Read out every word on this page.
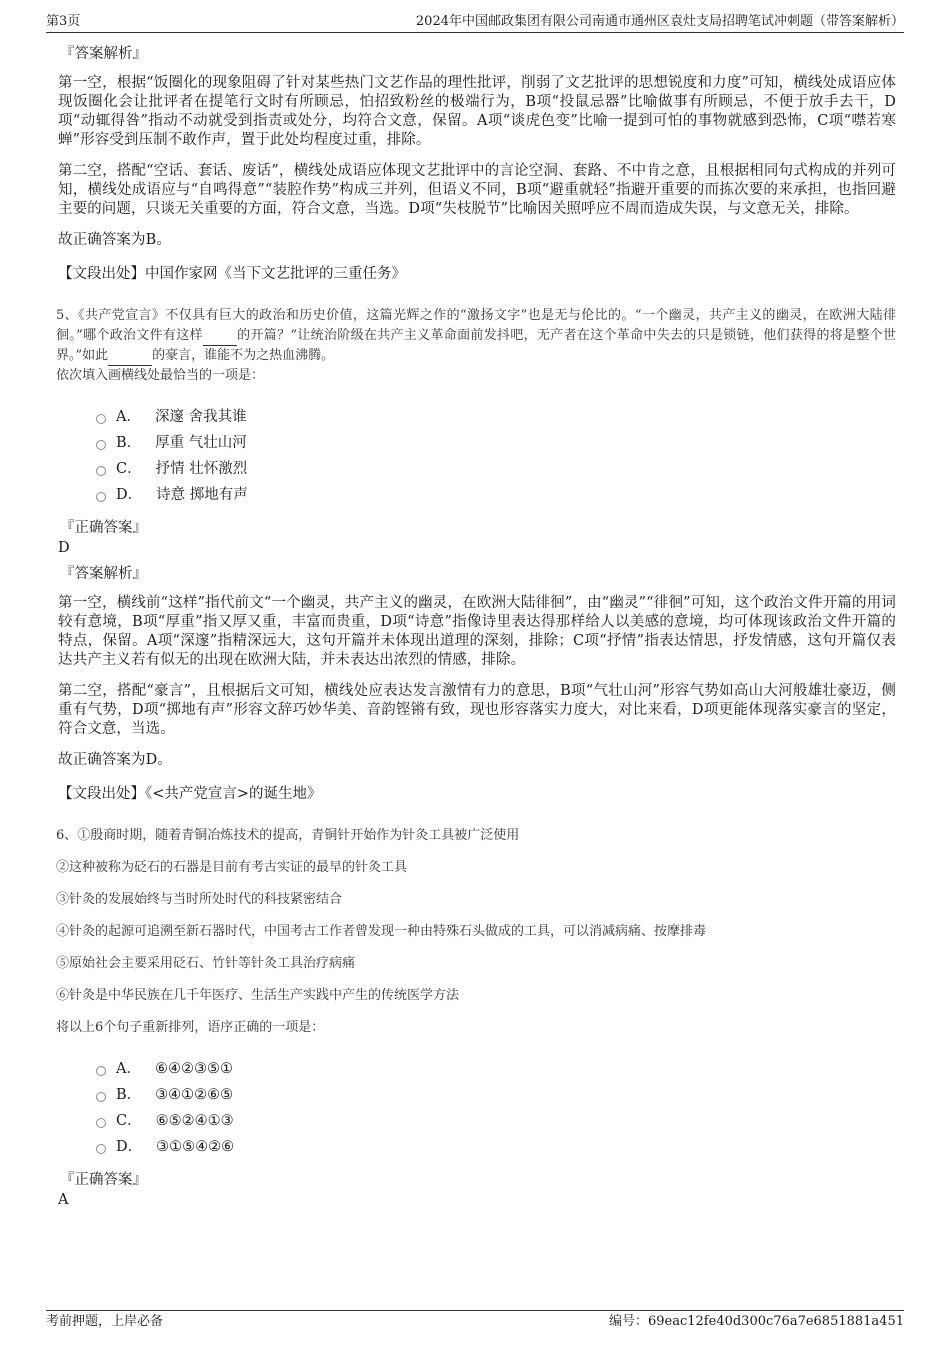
第3页	2024年中国邮政集团有限公司南通市通州区袁灶支局招聘笔试冲刺题（带答案解析）
『答案解析』

第一空，根据“饭圈化的现象阻碍了针对某些热门文艺作品的理性批评，削弱了文艺批评的思想锐度和力度”可知，横线处成语应体现饭圈化会让批评者在提笔行文时有所顾忌，怕招致粉丝的极端行为，B项“投鼠忌器”比喻做事有所顾忌，不便于放手去干，D项“动辄得咎”指动不动就受到指责或处分，均符合文意，保留。A项“谈虎色变”比喻一提到可怕的事物就感到恐怖，C项“噤若寒蝉”形容受到压制不敢作声，置于此处均程度过重，排除。

第二空，搭配“空话、套话、废话”，横线处成语应体现文艺批评中的言论空洞、套路、不中肯之意，且根据相同句式构成的并列可知，横线处成语应与“自鸣得意”“装腔作势”构成三并列，但语义不同，B项“避重就轻”指避开重要的而拣次要的来承担，也指回避主要的问题，只谈无关重要的方面，符合文意，当选。D项“失枝脱节”比喻因关照呼应不周而造成失误，与文意无关，排除。

故正确答案为B。

【文段出处】中国作家网《当下文艺批评的三重任务》

5、《共产党宣言》不仅具有巨大的政治和历史价值，这篇光辉之作的“激扬文字”也是无与伦比的。“一个幽灵，共产主义的幽灵，在欧洲大陆徘徊。”哪个政治文件有这样	的开篇？“让统治阶级在共产主义革命面前发抖吧，无产者在这个革命中失去的只是锁链，他们获得的将是整个世界。”如此	的豪言，谁能不为之热血沸腾。

依次填入画横线处最恰当的一项是：

A． 深邃 舍我其谁
B． 厚重 气壮山河
C． 抒情 壮怀激烈
D． 诗意 掷地有声
『正确答案』
D
『答案解析』

第一空，横线前“这样”指代前文“一个幽灵，共产主义的幽灵，在欧洲大陆徘徊”，由“幽灵”“徘徊”可知，这个政治文件开篇的用词较有意境，B项“厚重”指又厚又重，丰富而贵重，D项“诗意”指像诗里表达得那样给人以美感的意境，均可体现该政治文件开篇的特点，保留。A项“深邃”指精深远大，这句开篇并未体现出道理的深刻，排除；C项“抒情”指表达情思，抒发情感，这句开篇仅表达共产主义若有似无的出现在欧洲大陆，并未表达出浓烈的情感，排除。

第二空，搭配“豪言”，且根据后文可知，横线处应表达发言激情有力的意思，B项“气壮山河”形容气势如高山大河般雄壮豪迈，侧重有气势，D项“掷地有声”形容文辞巧妙华美、音韵铿锵有致，现也形容落实力度大，对比来看，D项更能体现落实豪言的坚定，符合文意，当选。

故正确答案为D。

【文段出处】《<共产党宣言>的诞生地》

6、①殷商时期，随着青铜冶炼技术的提高，青铜针开始作为针灸工具被广泛使用

②这种被称为砭石的石器是目前有考古实证的最早的针灸工具

③针灸的发展始终与当时所处时代的科技紧密结合

④针灸的起源可追溯至新石器时代，中国考古工作者曾发现一种由特殊石头做成的工具，可以消减病痛、按摩排毒

⑤原始社会主要采用砭石、竹针等针灸工具治疗病痛

⑥针灸是中华民族在几千年医疗、生活生产实践中产生的传统医学方法

将以上6个句子重新排列，语序正确的一项是：

A． ⑥④②③⑤①
B． ③④①②⑥⑤
C． ⑥⑤②④①③
D． ③①⑤④②⑥
『正确答案』
A
考前押题，上岸必备	编号：69eac12fe40d300c76a7e6851881a451
